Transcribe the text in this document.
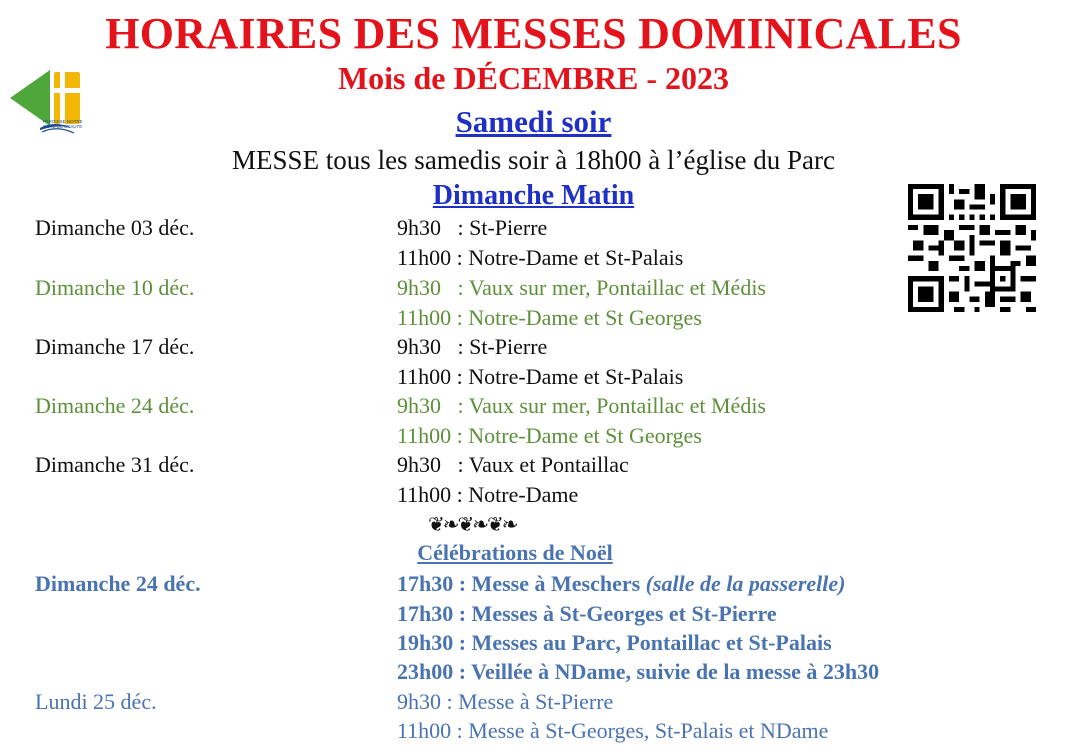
PAROISSE NOTRE
CÔTE DE BEAUTÉ
HORAIRES DES MESSES DOMINICALES
Mois de DÉCEMBRE - 2023
Samedi soir
MESSE tous les samedis soir à 18h00 à l’église du Parc
Dimanche Matin
Dimanche 03 déc.	9h30   : St-Pierre
11h00 : Notre-Dame et St-Palais
Dimanche 10 déc.	9h30   : Vaux sur mer, Pontaillac et Médis
11h00 : Notre-Dame et St Georges
Dimanche 17 déc.	9h30   : St-Pierre
11h00 : Notre-Dame et St-Palais
Dimanche 24 déc.	9h30   : Vaux sur mer, Pontaillac et Médis
11h00 : Notre-Dame et St Georges
Dimanche 31 déc.	9h30   : Vaux et Pontaillac
11h00 : Notre-Dame
❦❧❦❧❦❧
Célébrations de Noël
Dimanche 24 déc.	17h30 : Messe à Meschers (salle de la passerelle)
17h30 : Messes à St-Georges et St-Pierre
19h30 : Messes au Parc, Pontaillac et St-Palais
23h00 : Veillée à NDame, suivie de la messe à 23h30
Lundi 25 déc.	9h30 : Messe à St-Pierre
11h00 : Messe à St-Georges, St-Palais et NDame
